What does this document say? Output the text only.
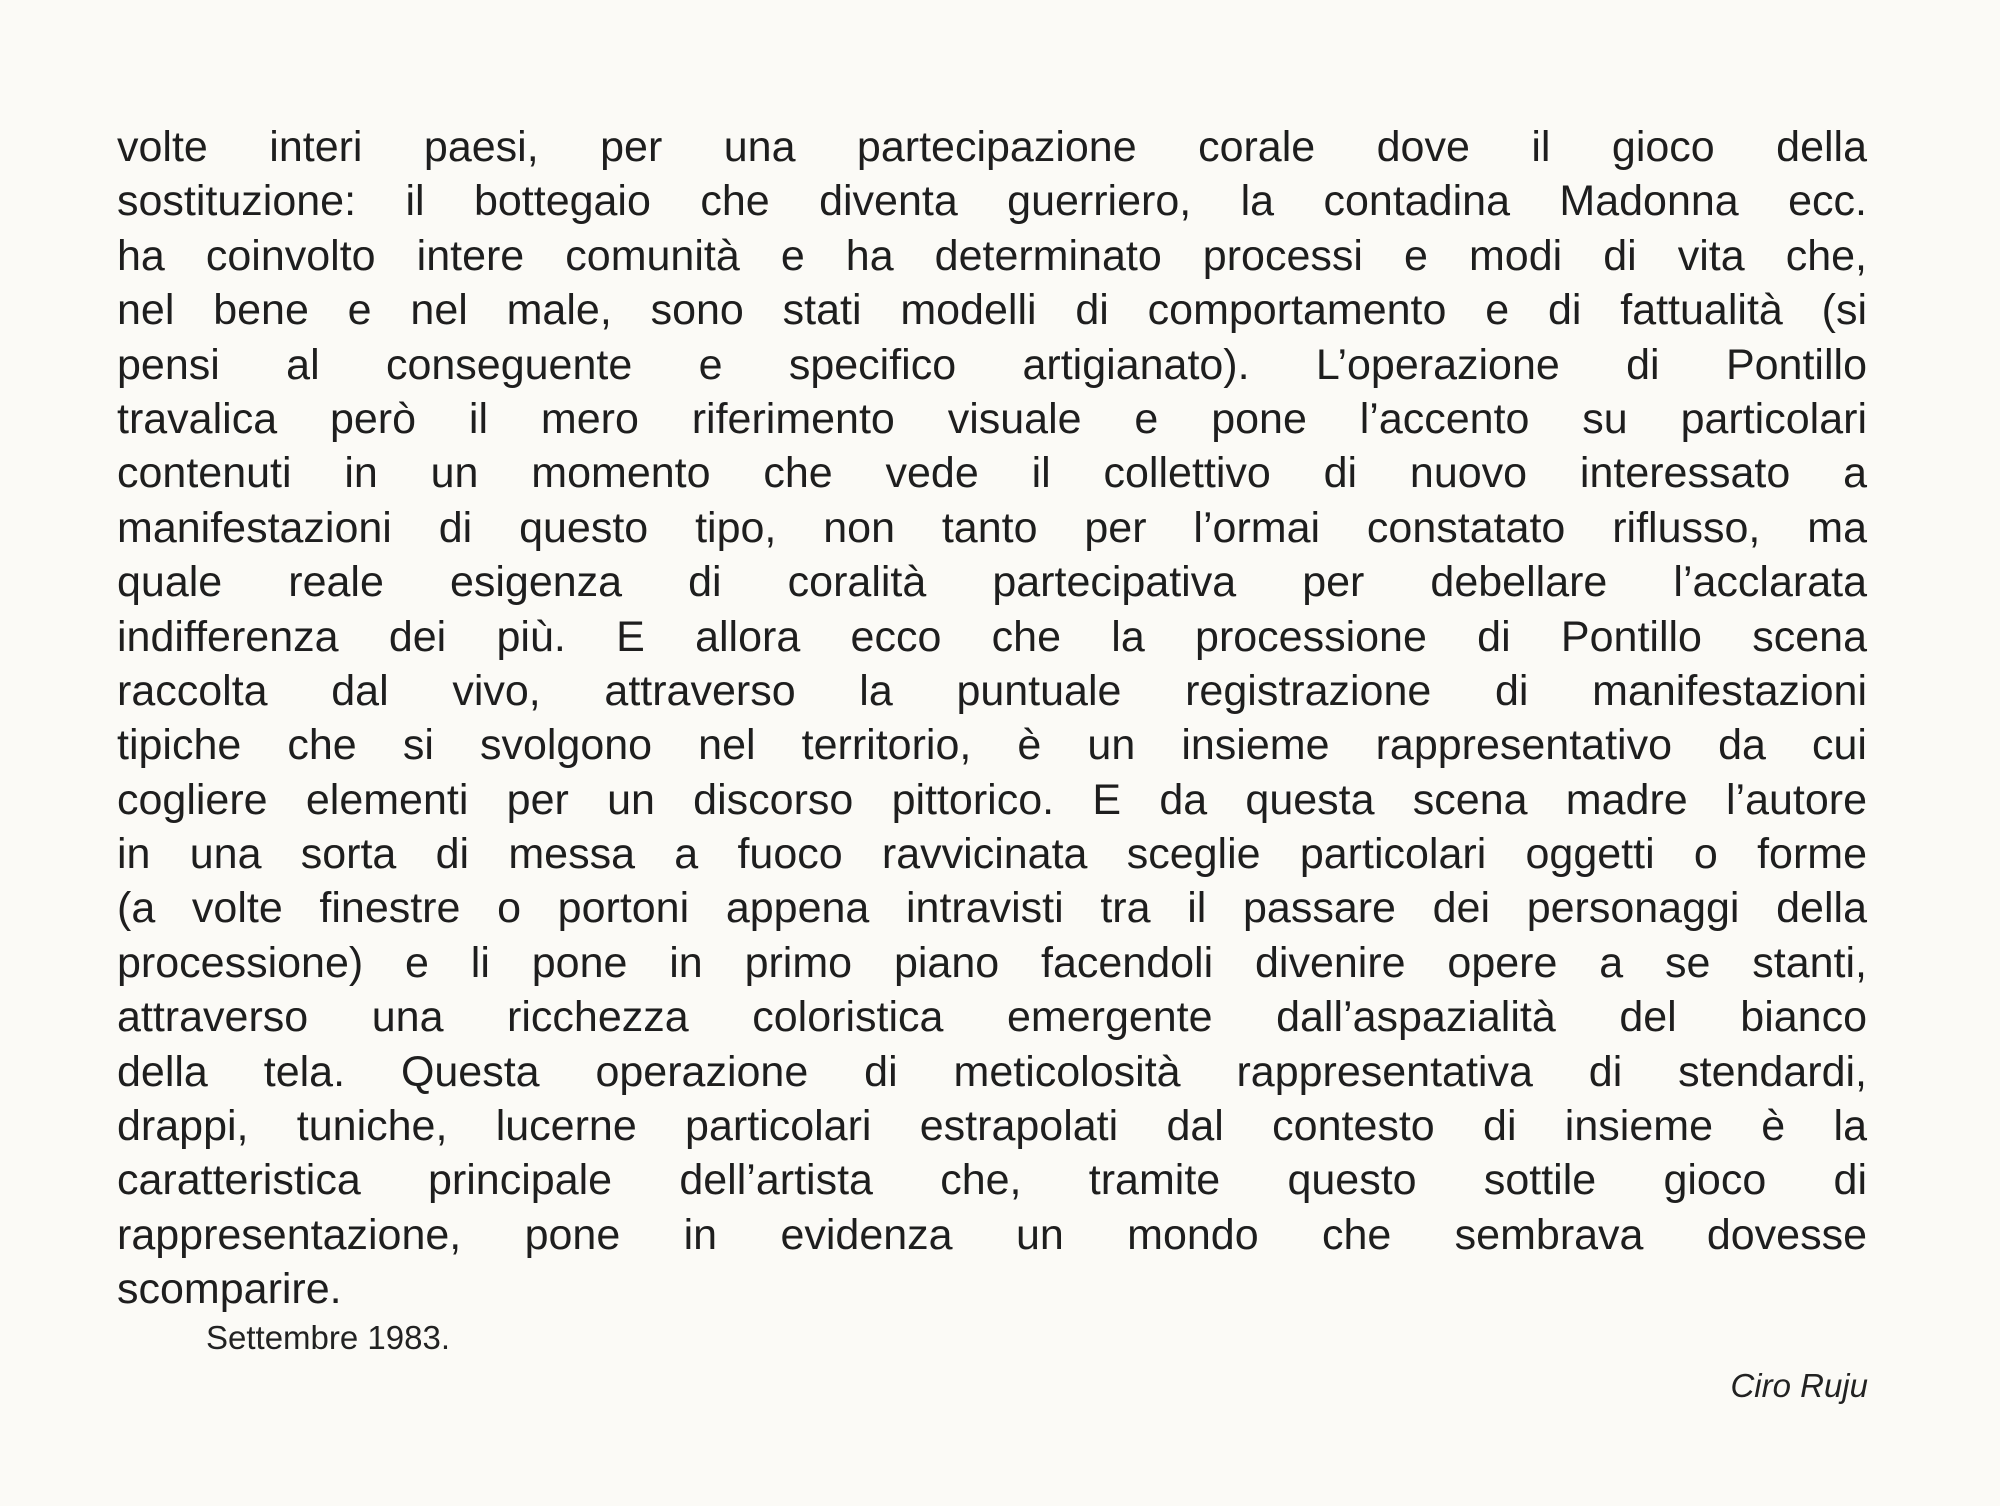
volte interi paesi, per una partecipazione corale dove il gioco della
sostituzione: il bottegaio che diventa guerriero, la contadina Madonna ecc.
ha coinvolto intere comunità e ha determinato processi e modi di vita che,
nel bene e nel male, sono stati modelli di comportamento e di fattualità (si
pensi al conseguente e specifico artigianato). L’operazione di Pontillo
travalica però il mero riferimento visuale e pone l’accento su particolari
contenuti in un momento che vede il collettivo di nuovo interessato a
manifestazioni di questo tipo, non tanto per l’ormai constatato riflusso, ma
quale reale esigenza di coralità partecipativa per debellare l’acclarata
indifferenza dei più. E allora ecco che la processione di Pontillo scena
raccolta dal vivo, attraverso la puntuale registrazione di manifestazioni
tipiche che si svolgono nel territorio, è un insieme rappresentativo da cui
cogliere elementi per un discorso pittorico. E da questa scena madre l’autore
in una sorta di messa a fuoco ravvicinata sceglie particolari oggetti o forme
(a volte finestre o portoni appena intravisti tra il passare dei personaggi della
processione) e li pone in primo piano facendoli divenire opere a se stanti,
attraverso una ricchezza coloristica emergente dall’aspazialità del bianco
della tela. Questa operazione di meticolosità rappresentativa di stendardi,
drappi, tuniche, lucerne particolari estrapolati dal contesto di insieme è la
caratteristica principale dell’artista che, tramite questo sottile gioco di
rappresentazione, pone in evidenza un mondo che sembrava dovesse
scomparire.
Settembre 1983.
Ciro Ruju
